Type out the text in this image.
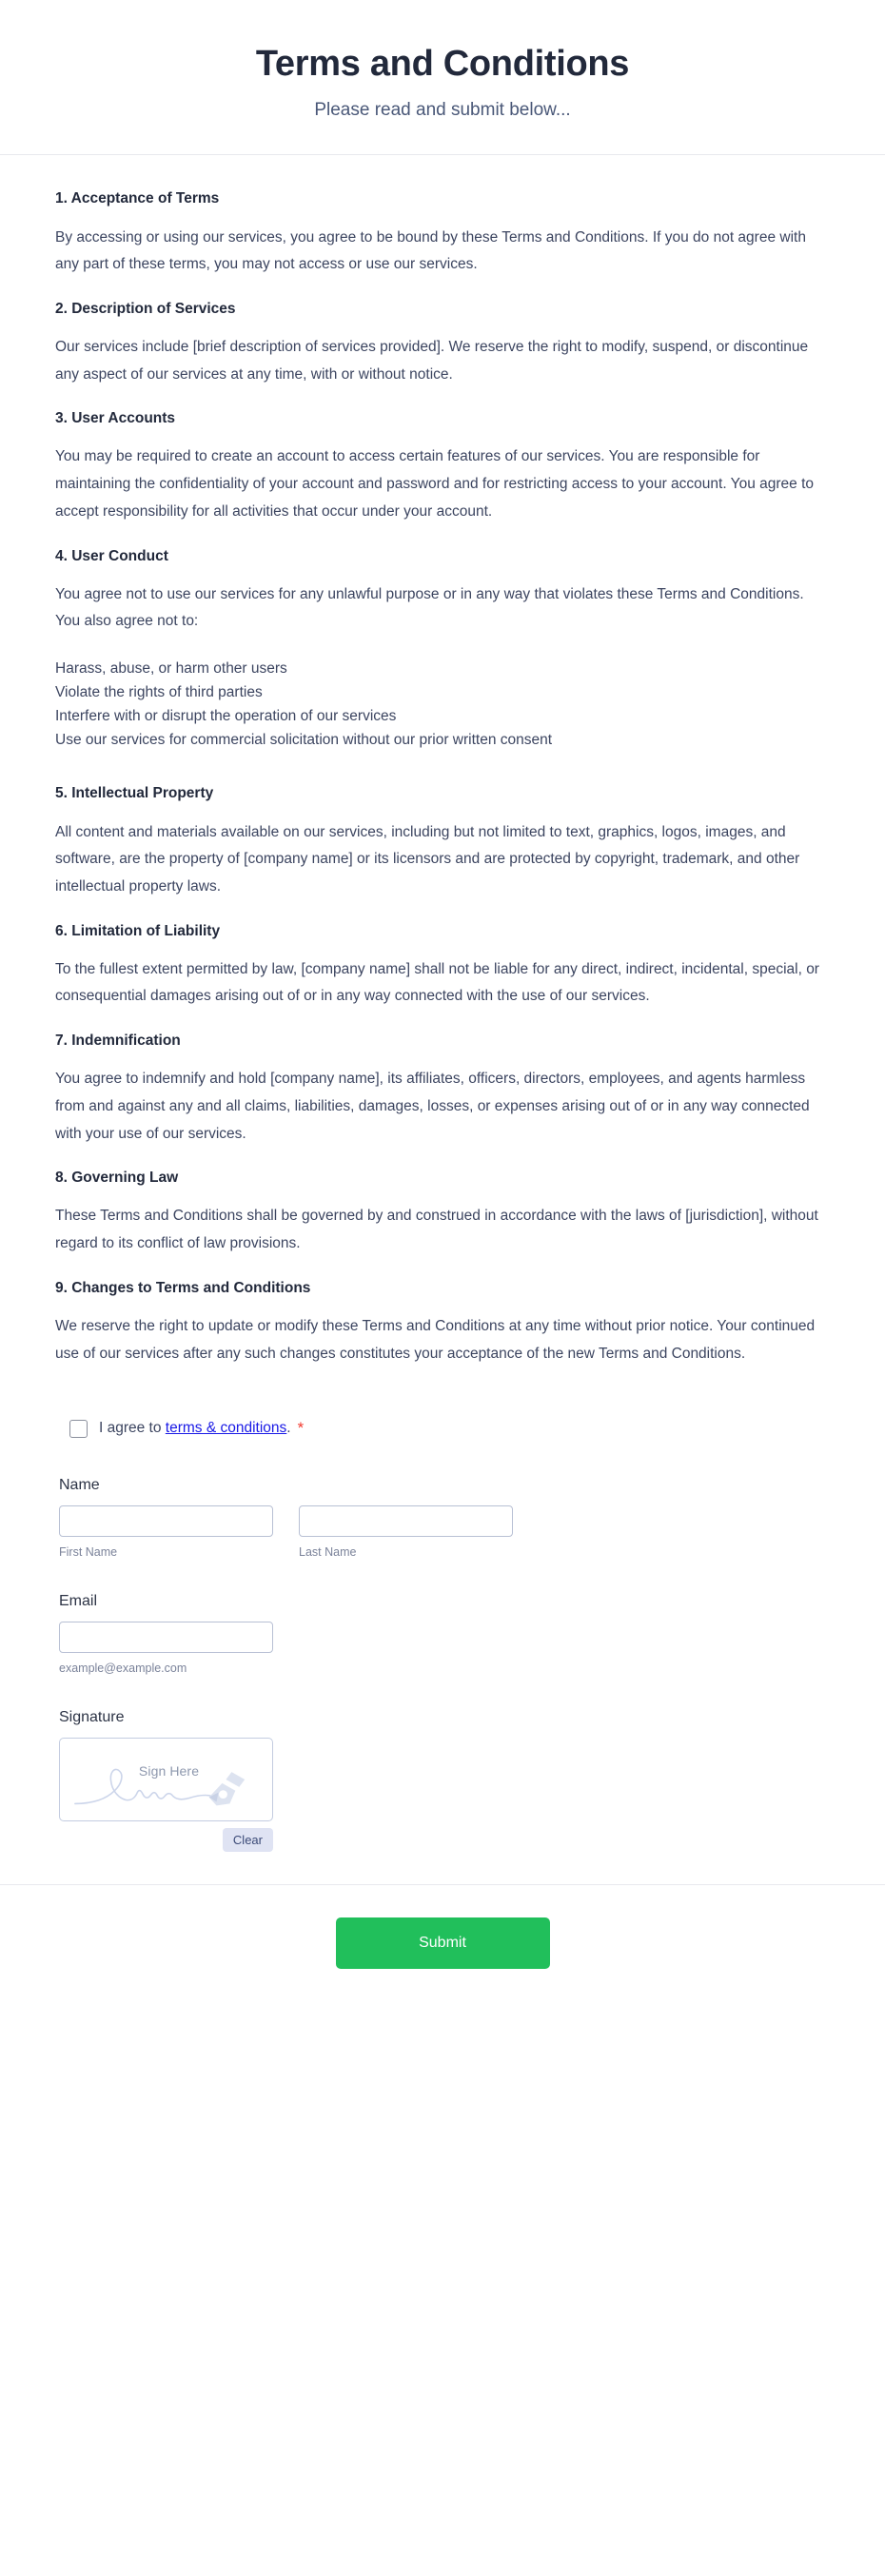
Terms and Conditions

Please read and submit below...

1. Acceptance of Terms

By accessing or using our services, you agree to be bound by these Terms and Conditions. If you do not agree with any part of these terms, you may not access or use our services.

2. Description of Services

Our services include [brief description of services provided]. We reserve the right to modify, suspend, or discontinue any aspect of our services at any time, with or without notice.

3. User Accounts

You may be required to create an account to access certain features of our services. You are responsible for maintaining the confidentiality of your account and password and for restricting access to your account. You agree to accept responsibility for all activities that occur under your account.

4. User Conduct

You agree not to use our services for any unlawful purpose or in any way that violates these Terms and Conditions. You also agree not to:

Harass, abuse, or harm other users
Violate the rights of third parties
Interfere with or disrupt the operation of our services
Use our services for commercial solicitation without our prior written consent
5. Intellectual Property

All content and materials available on our services, including but not limited to text, graphics, logos, images, and software, are the property of [company name] or its licensors and are protected by copyright, trademark, and other intellectual property laws.

6. Limitation of Liability

To the fullest extent permitted by law, [company name] shall not be liable for any direct, indirect, incidental, special, or consequential damages arising out of or in any way connected with the use of our services.

7. Indemnification

You agree to indemnify and hold [company name], its affiliates, officers, directors, employees, and agents harmless from and against any and all claims, liabilities, damages, losses, or expenses arising out of or in any way connected with your use of our services.

8. Governing Law

These Terms and Conditions shall be governed by and construed in accordance with the laws of [jurisdiction], without regard to its conflict of law provisions.

9. Changes to Terms and Conditions

We reserve the right to update or modify these Terms and Conditions at any time without prior notice. Your continued use of our services after any such changes constitutes your acceptance of the new Terms and Conditions.

I agree to terms & conditions. *
Name
First Name	Last Name
Email
example@example.com
Signature
Sign Here
Clear
Submit
